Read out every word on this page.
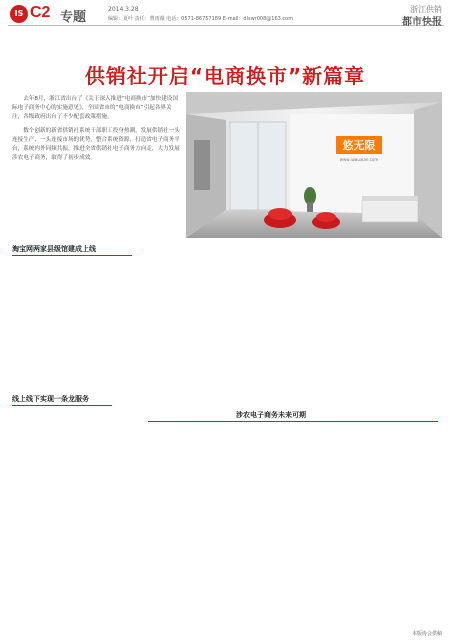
IS C2 专题
2014.3.28
编辑：夏叶 责任：曹雨薇 电话：0571-86757189 E-mail：dlswr008@163.com
浙江供销
都市快报
供销社开启“电商换市”新篇章

去年8月，浙江省出台了《关于深入推进“电商换市”加快建设国际电子商务中心的实施意见》，全国省市的“电商换市”引起各界关注，各级政府出台了不少配套政策措施。

数个创新的新省供销社系统干部职工投身热潮，发展供销社一头连接生产、一头连接市场的优势，整合系统资源，打造省电子商务平台，系统内外同频共振，推进全省供销社电子商务方向走，大力发展涉农电子商务，取得了初步成效。

悠无限
www.iuwuxian.com
淘宝网两家县级馆建成上线

线上线下实现一条龙服务

涉农电子商务未来可期

本版协会供稿
